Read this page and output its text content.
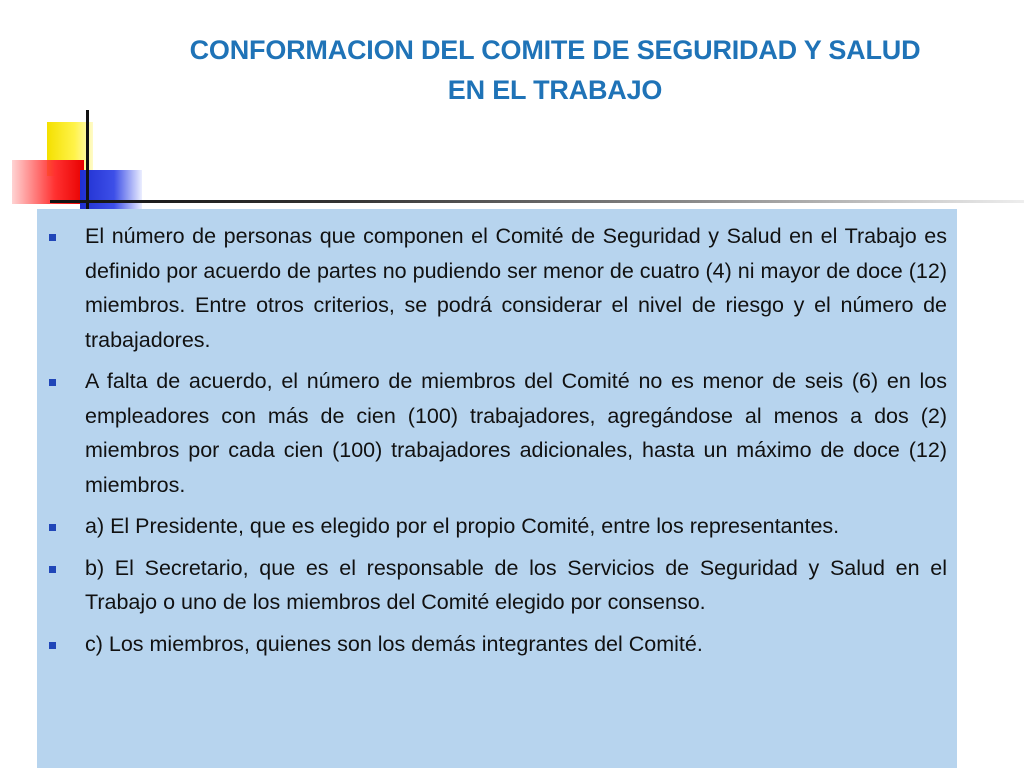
CONFORMACION DEL COMITE DE SEGURIDAD Y SALUD
EN EL TRABAJO
El número de personas que componen el Comité de Seguridad y Salud en el Trabajo es definido por acuerdo de partes no pudiendo ser menor de cuatro (4) ni mayor de doce (12) miembros. Entre otros criterios, se podrá considerar el nivel de riesgo y el número de trabajadores.
A falta de acuerdo, el número de miembros del Comité no es menor de seis (6) en los empleadores con más de cien (100) trabajadores, agregándose al menos a dos (2) miembros por cada cien (100) trabajadores adicionales, hasta un máximo de doce (12) miembros.
a) El Presidente, que es elegido por el propio Comité, entre los representantes.
b) El Secretario, que es el responsable de los Servicios de Seguridad y Salud en el Trabajo o uno de los miembros del Comité elegido por consenso.
c) Los miembros, quienes son los demás integrantes del Comité.
